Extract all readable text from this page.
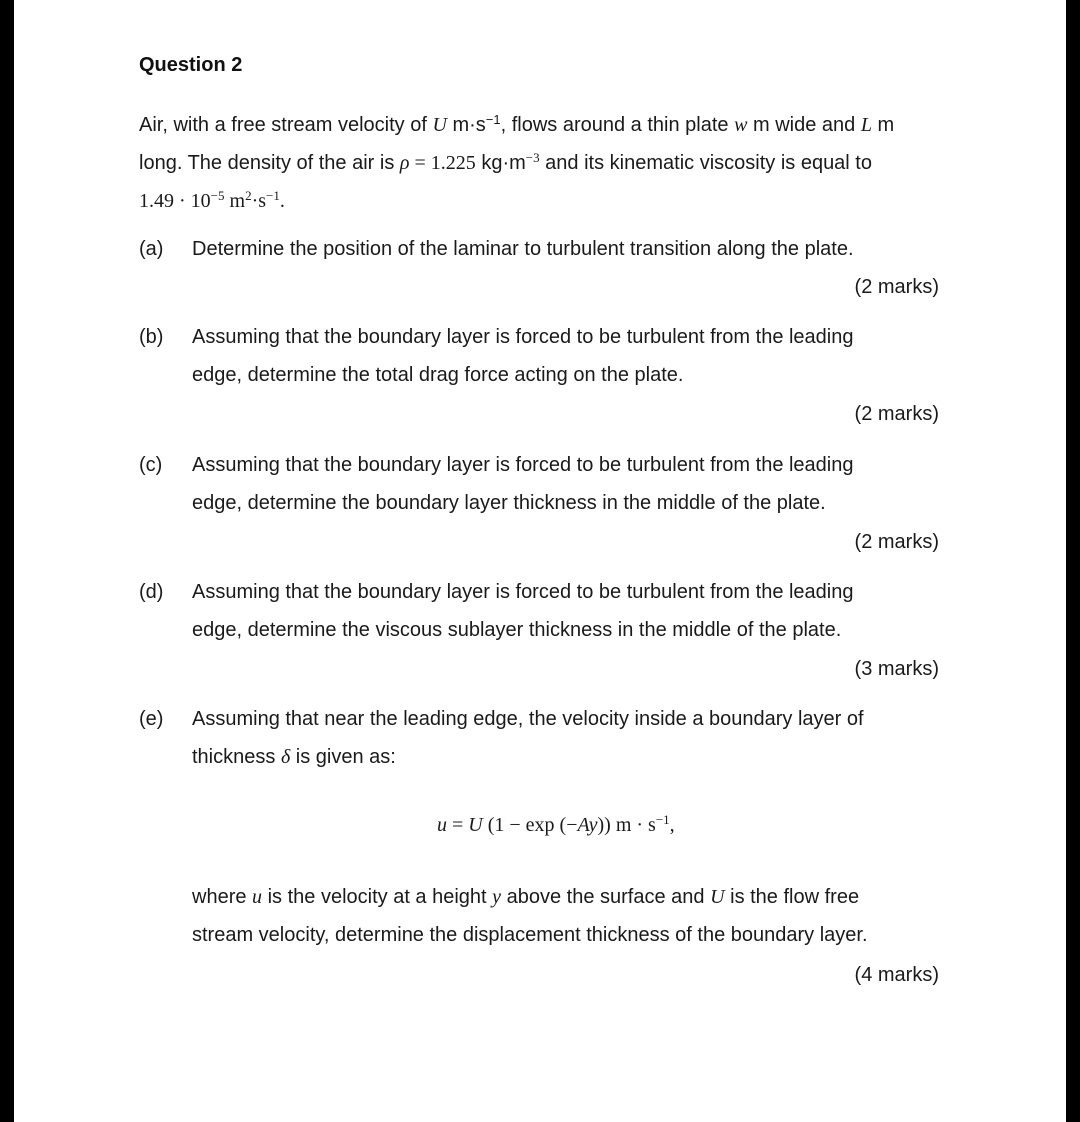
Question 2
Air, with a free stream velocity of U $m\cdot s^{-1}$, flows around a thin plate w m wide and L m
long. The density of the air is ρ = 1.225 $kg\cdot m^{-3}$ and its kinematic viscosity is equal to
$1.49 \cdot 10^{-5}$ $m^2\cdot s^{-1}$.
(a) Determine the position of the laminar to turbulent transition along the plate.
(2 marks)
(b) Assuming that the boundary layer is forced to be turbulent from the leading
edge, determine the total drag force acting on the plate.
(2 marks)
(c) Assuming that the boundary layer is forced to be turbulent from the leading
edge, determine the boundary layer thickness in the middle of the plate.
(2 marks)
(d) Assuming that the boundary layer is forced to be turbulent from the leading
edge, determine the viscous sublayer thickness in the middle of the plate.
(3 marks)
(e) Assuming that near the leading edge, the velocity inside a boundary layer of
thickness δ is given as:
u = U (1 − exp (−Ay)) $m \cdot s^{-1}$,
where u is the velocity at a height y above the surface and U is the flow free
stream velocity, determine the displacement thickness of the boundary layer.
(4 marks)
